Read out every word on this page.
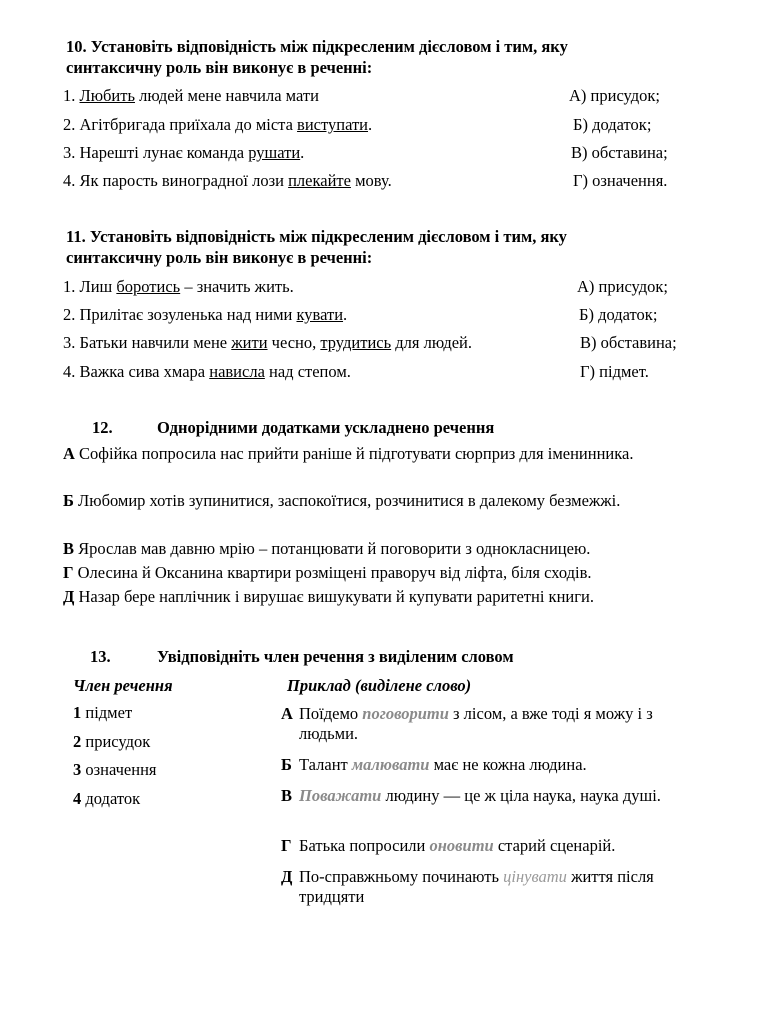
10. Установіть відповідність між підкресленим дієсловом і тим, яку
синтаксичну роль він виконує в реченні:
1. Любить людей мене навчила мати	А) присудок;
2. Агітбригада приїхала до міста виступати.	Б) додаток;
3. Нарешті лунає команда рушати.	В) обставина;
4. Як парость виноградної лози плекайте мову.	Г) означення.
11. Установіть відповідність між підкресленим дієсловом і тим, яку
синтаксичну роль він виконує в реченні:
1. Лиш боротись – значить жить.	А) присудок;
2. Прилітає зозуленька над ними кувати.	Б) додаток;
3. Батьки навчили мене жити чесно, трудитись для людей.	В) обставина;
4. Важка сива хмара нависла над степом.	Г) підмет.
12.	Однорідними додатками ускладнено речення
А Софійка попросила нас прийти раніше й підготувати сюрприз для іменинника.
Б Любомир хотів зупинитися, заспокоїтися, розчинитися в далекому безмежжі.
В Ярослав мав давню мрію – потанцювати й поговорити з однокласницею.
Г Олесина й Оксанина квартири розміщені праворуч від ліфта, біля сходів.
Д Назар бере наплічник і вирушає вишукувати й купувати раритетні книги.
13.	Увідповідніть член речення з виділеним словом
Член речення	Приклад (виділене слово)
1 підмет
2 присудок
3 означення
4 додаток
А Поїдемо поговорити з лісом, а вже тоді я можу і з людьми.
Б Талант малювати має не кожна людина.
В Поважати людину — це ж ціла наука, наука душі.
Г Батька попросили оновити старий сценарій.
Д По-справжньому починають цінувати життя після тридцяти
